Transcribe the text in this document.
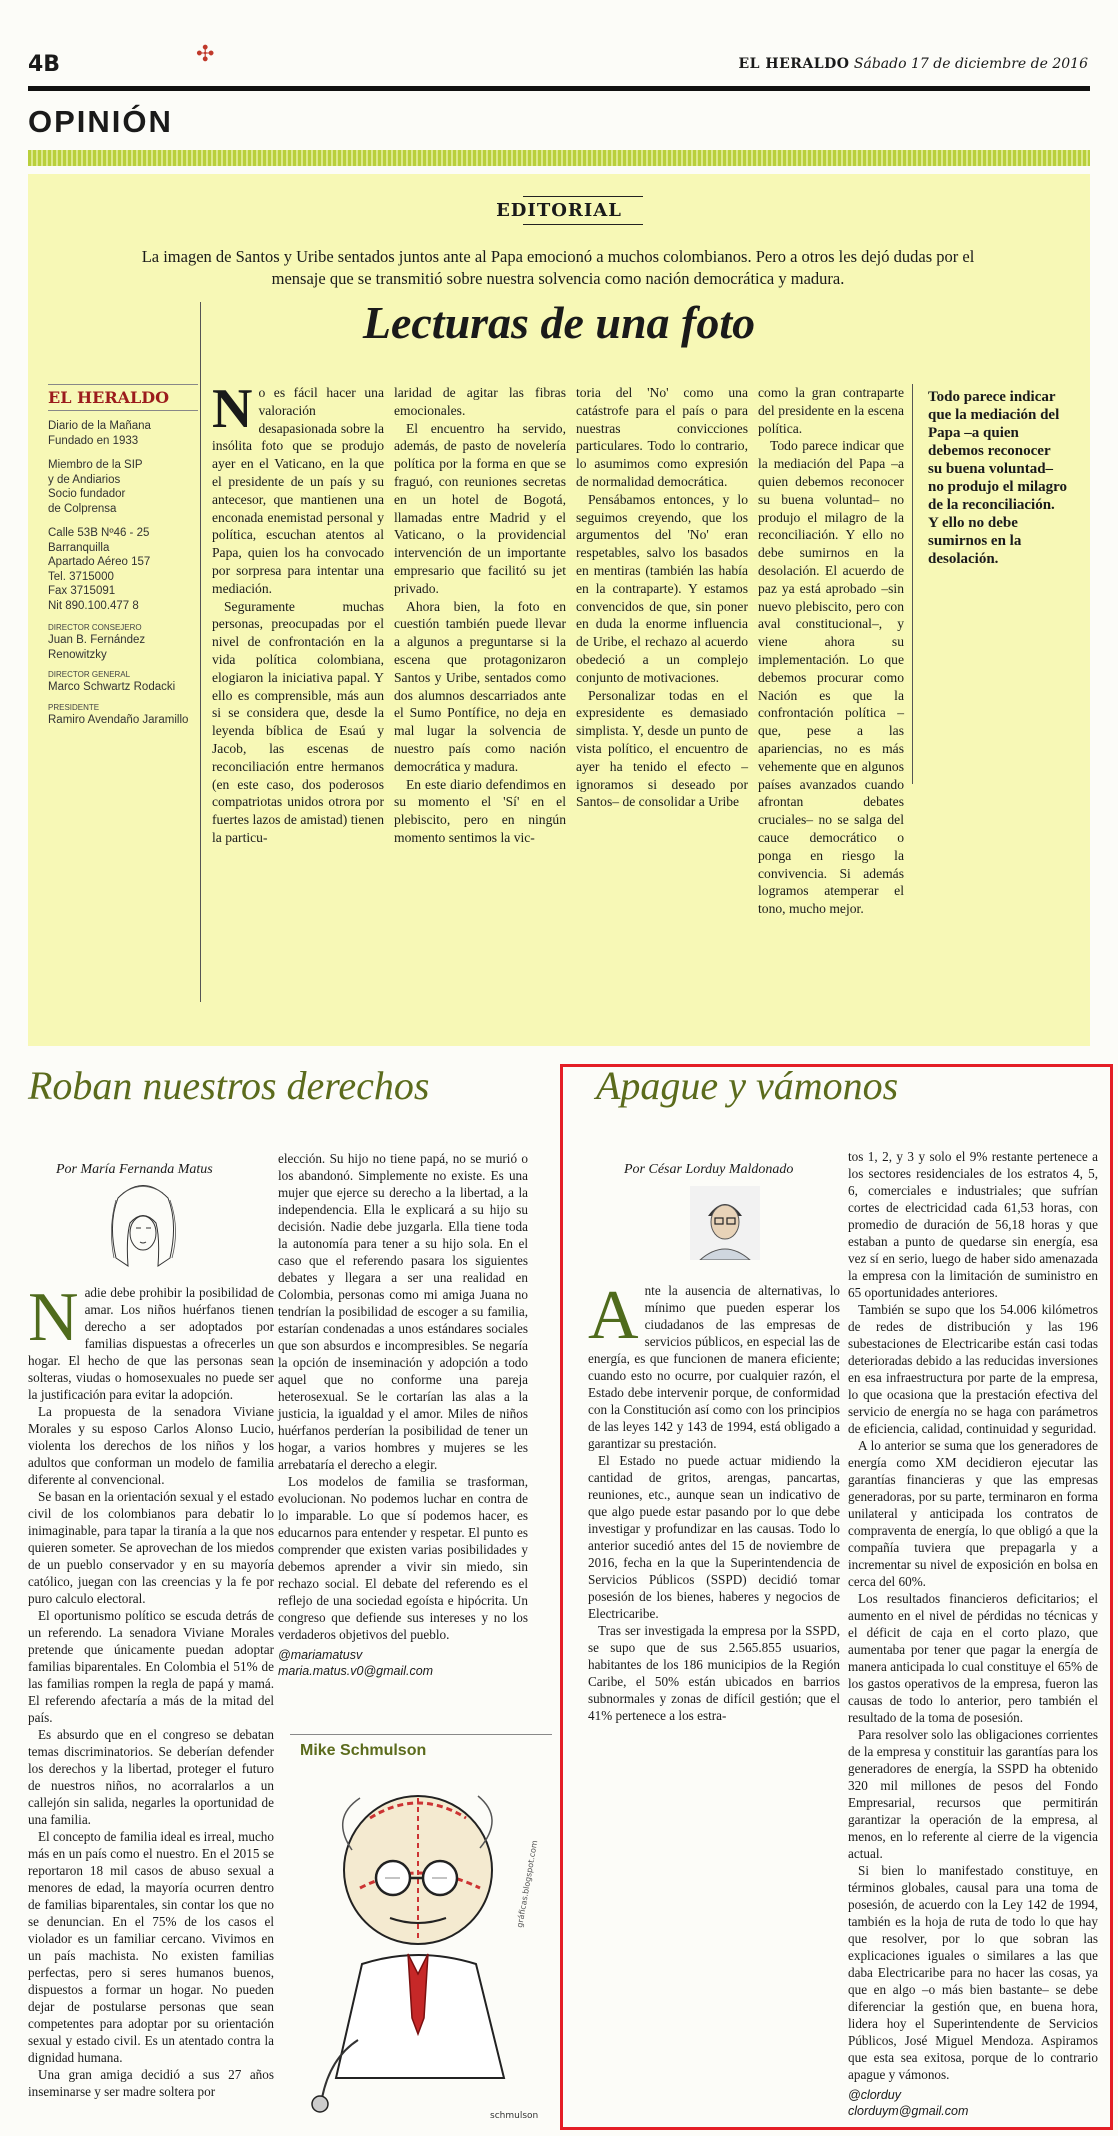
4B	✣	EL HERALDO Sábado 17 de diciembre de 2016
OPINIÓN
EDITORIAL
La imagen de Santos y Uribe sentados juntos ante al Papa emocionó a muchos colombianos. Pero a otros les dejó dudas por el mensaje que se transmitió sobre nuestra solvencia como nación democrática y madura.
Lecturas de una foto
EL HERALDO
Diario de la Mañana
Fundado en 1933
Miembro de la SIP
y de Andiarios
Socio fundador
de Colprensa
Calle 53B Nº46 - 25
Barranquilla
Apartado Aéreo 157
Tel. 3715000
Fax 3715091
Nit 890.100.477 8
DIRECTOR CONSEJERO
Juan B. Fernández Renowitzky
DIRECTOR GENERAL
Marco Schwartz Rodacki
PRESIDENTE
Ramiro Avendaño Jaramillo

No es fácil hacer una valoración desapasionada sobre la insólita foto que se produjo ayer en el Vaticano, en la que el presidente de un país y su antecesor, que mantienen una enconada enemistad personal y política, escuchan atentos al Papa, quien los ha convocado por sorpresa para intentar una mediación.

Seguramente muchas personas, preocupadas por el nivel de confrontación en la vida política colombiana, elogiaron la iniciativa papal. Y ello es comprensible, más aun si se considera que, desde la leyenda bíblica de Esaú y Jacob, las escenas de reconciliación entre hermanos (en este caso, dos poderosos compatriotas unidos otrora por fuertes lazos de amistad) tienen la particu-

laridad de agitar las fibras emocionales.

El encuentro ha servido, además, de pasto de novelería política por la forma en que se fraguó, con reuniones secretas en un hotel de Bogotá, llamadas entre Madrid y el Vaticano, o la providencial intervención de un importante empresario que facilitó su jet privado.

Ahora bien, la foto en cuestión también puede llevar a algunos a preguntarse si la escena que protagonizaron Santos y Uribe, sentados como dos alumnos descarriados ante el Sumo Pontífice, no deja en mal lugar la solvencia de nuestro país como nación democrática y madura.

En este diario defendimos en su momento el 'Sí' en el plebiscito, pero en ningún momento sentimos la vic-

toria del 'No' como una catástrofe para el país o para nuestras convicciones particulares. Todo lo contrario, lo asumimos como expresión de normalidad democrática.

Pensábamos entonces, y lo seguimos creyendo, que los argumentos del 'No' eran respetables, salvo los basados en mentiras (también las había en la contraparte). Y estamos convencidos de que, sin poner en duda la enorme influencia de Uribe, el rechazo al acuerdo obedeció a un complejo conjunto de motivaciones.

Personalizar todas en el expresidente es demasiado simplista. Y, desde un punto de vista político, el encuentro de ayer ha tenido el efecto –ignoramos si deseado por Santos– de consolidar a Uribe

como la gran contraparte del presidente en la escena política.

Todo parece indicar que la mediación del Papa –a quien debemos reconocer su buena voluntad– no produjo el milagro de la reconciliación. Y ello no debe sumirnos en la desolación. El acuerdo de paz ya está aprobado –sin nuevo plebiscito, pero con aval constitucional–, y viene ahora su implementación. Lo que debemos procurar como Nación es que la confrontación política –que, pese a las apariencias, no es más vehemente que en algunos países avanzados cuando afrontan debates cruciales– no se salga del cauce democrático o ponga en riesgo la convivencia. Si además logramos atemperar el tono, mucho mejor.

Todo parece indicar que la mediación del Papa –a quien debemos reconocer su buena voluntad– no produjo el milagro de la reconciliación. Y ello no debe sumirnos en la desolación.
Roban nuestros derechos
Por María Fernanda Matus

Nadie debe prohibir la posibilidad de amar. Los niños huérfanos tienen derecho a ser adoptados por familias dispuestas a ofrecerles un hogar. El hecho de que las personas sean solteras, viudas o homosexuales no puede ser la justificación para evitar la adopción.

La propuesta de la senadora Viviane Morales y su esposo Carlos Alonso Lucio, violenta los derechos de los niños y los adultos que conforman un modelo de familia diferente al convencional.

Se basan en la orientación sexual y el estado civil de los colombianos para debatir lo inimaginable, para tapar la tiranía a la que nos quieren someter. Se aprovechan de los miedos de un pueblo conservador y en su mayoría católico, juegan con las creencias y la fe por puro calculo electoral.

El oportunismo político se escuda detrás de un referendo. La senadora Viviane Morales pretende que únicamente puedan adoptar familias biparentales. En Colombia el 51% de las familias rompen la regla de papá y mamá. El referendo afectaría a más de la mitad del país.

Es absurdo que en el congreso se debatan temas discriminatorios. Se deberían defender los derechos y la libertad, proteger el futuro de nuestros niños, no acorralarlos a un callejón sin salida, negarles la oportunidad de una familia.

El concepto de familia ideal es irreal, mucho más en un país como el nuestro. En el 2015 se reportaron 18 mil casos de abuso sexual a menores de edad, la mayoría ocurren dentro de familias biparentales, sin contar los que no se denuncian. En el 75% de los casos el violador es un familiar cercano. Vivimos en un país machista. No existen familias perfectas, pero si seres humanos buenos, dispuestos a formar un hogar. No pueden dejar de postularse personas que sean competentes para adoptar por su orientación sexual y estado civil. Es un atentado contra la dignidad humana.

Una gran amiga decidió a sus 27 años inseminarse y ser madre soltera por

elección. Su hijo no tiene papá, no se murió o los abandonó. Simplemente no existe. Es una mujer que ejerce su derecho a la libertad, a la independencia. Ella le explicará a su hijo su decisión. Nadie debe juzgarla. Ella tiene toda la autonomía para tener a su hijo sola. En el caso que el referendo pasara los siguientes debates y llegara a ser una realidad en Colombia, personas como mi amiga Juana no tendrían la posibilidad de escoger a su familia, estarían condenadas a unos estándares sociales que son absurdos e incompresibles. Se negaría la opción de inseminación y adopción a todo aquel que no conforme una pareja heterosexual. Se le cortarían las alas a la justicia, la igualdad y el amor. Miles de niños huérfanos perderían la posibilidad de tener un hogar, a varios hombres y mujeres se les arrebataría el derecho a elegir.

Los modelos de familia se trasforman, evolucionan. No podemos luchar en contra de lo imparable. Lo que sí podemos hacer, es educarnos para entender y respetar. El punto es comprender que existen varias posibilidades y debemos aprender a vivir sin miedo, sin rechazo social. El debate del referendo es el reflejo de una sociedad egoísta e hipócrita. Un congreso que defiende sus intereses y no los verdaderos objetivos del pueblo.

@mariamatusv
maria.matus.v0@gmail.com
Mike Schmulson
schmulson
gráficas.blogspot.com
Apague y vámonos
Por César Lorduy Maldonado

Ante la ausencia de alternativas, lo mínimo que pueden esperar los ciudadanos de las empresas de servicios públicos, en especial las de energía, es que funcionen de manera eficiente; cuando esto no ocurre, por cualquier razón, el Estado debe intervenir porque, de conformidad con la Constitución así como con los principios de las leyes 142 y 143 de 1994, está obligado a garantizar su prestación.

El Estado no puede actuar midiendo la cantidad de gritos, arengas, pancartas, reuniones, etc., aunque sean un indicativo de que algo puede estar pasando por lo que debe investigar y profundizar en las causas. Todo lo anterior sucedió antes del 15 de noviembre de 2016, fecha en la que la Superintendencia de Servicios Públicos (SSPD) decidió tomar posesión de los bienes, haberes y negocios de Electricaribe.

Tras ser investigada la empresa por la SSPD, se supo que de sus 2.565.855 usuarios, habitantes de los 186 municipios de la Región Caribe, el 50% están ubicados en barrios subnormales y zonas de difícil gestión; que el 41% pertenece a los estra-

tos 1, 2, y 3 y solo el 9% restante pertenece a los sectores residenciales de los estratos 4, 5, 6, comerciales e industriales; que sufrían cortes de electricidad cada 61,53 horas, con promedio de duración de 56,18 horas y que estaban a punto de quedarse sin energía, esa vez sí en serio, luego de haber sido amenazada la empresa con la limitación de suministro en 65 oportunidades anteriores.

También se supo que los 54.006 kilómetros de redes de distribución y las 196 subestaciones de Electricaribe están casi todas deterioradas debido a las reducidas inversiones en esa infraestructura por parte de la empresa, lo que ocasiona que la prestación efectiva del servicio de energía no se haga con parámetros de eficiencia, calidad, continuidad y seguridad.

A lo anterior se suma que los generadores de energía como XM decidieron ejecutar las garantías financieras y que las empresas generadoras, por su parte, terminaron en forma unilateral y anticipada los contratos de compraventa de energía, lo que obligó a que la compañía tuviera que prepagarla y a incrementar su nivel de exposición en bolsa en cerca del 60%.

Los resultados financieros deficitarios; el aumento en el nivel de pérdidas no técnicas y el déficit de caja en el corto plazo, que aumentaba por tener que pagar la energía de manera anticipada lo cual constituye el 65% de los gastos operativos de la empresa, fueron las causas de todo lo anterior, pero también el resultado de la toma de posesión.

Para resolver solo las obligaciones corrientes de la empresa y constituir las garantías para los generadores de energía, la SSPD ha obtenido 320 mil millones de pesos del Fondo Empresarial, recursos que permitirán garantizar la operación de la empresa, al menos, en lo referente al cierre de la vigencia actual.

Si bien lo manifestado constituye, en términos globales, causal para una toma de posesión, de acuerdo con la Ley 142 de 1994, también es la hoja de ruta de todo lo que hay que resolver, por lo que sobran las explicaciones iguales o similares a las que daba Electricaribe para no hacer las cosas, ya que en algo –o más bien bastante– se debe diferenciar la gestión que, en buena hora, lidera hoy el Superintendente de Servicios Públicos, José Miguel Mendoza. Aspiramos que esta sea exitosa, porque de lo contrario apague y vámonos.

@clorduy
clorduym@gmail.com
